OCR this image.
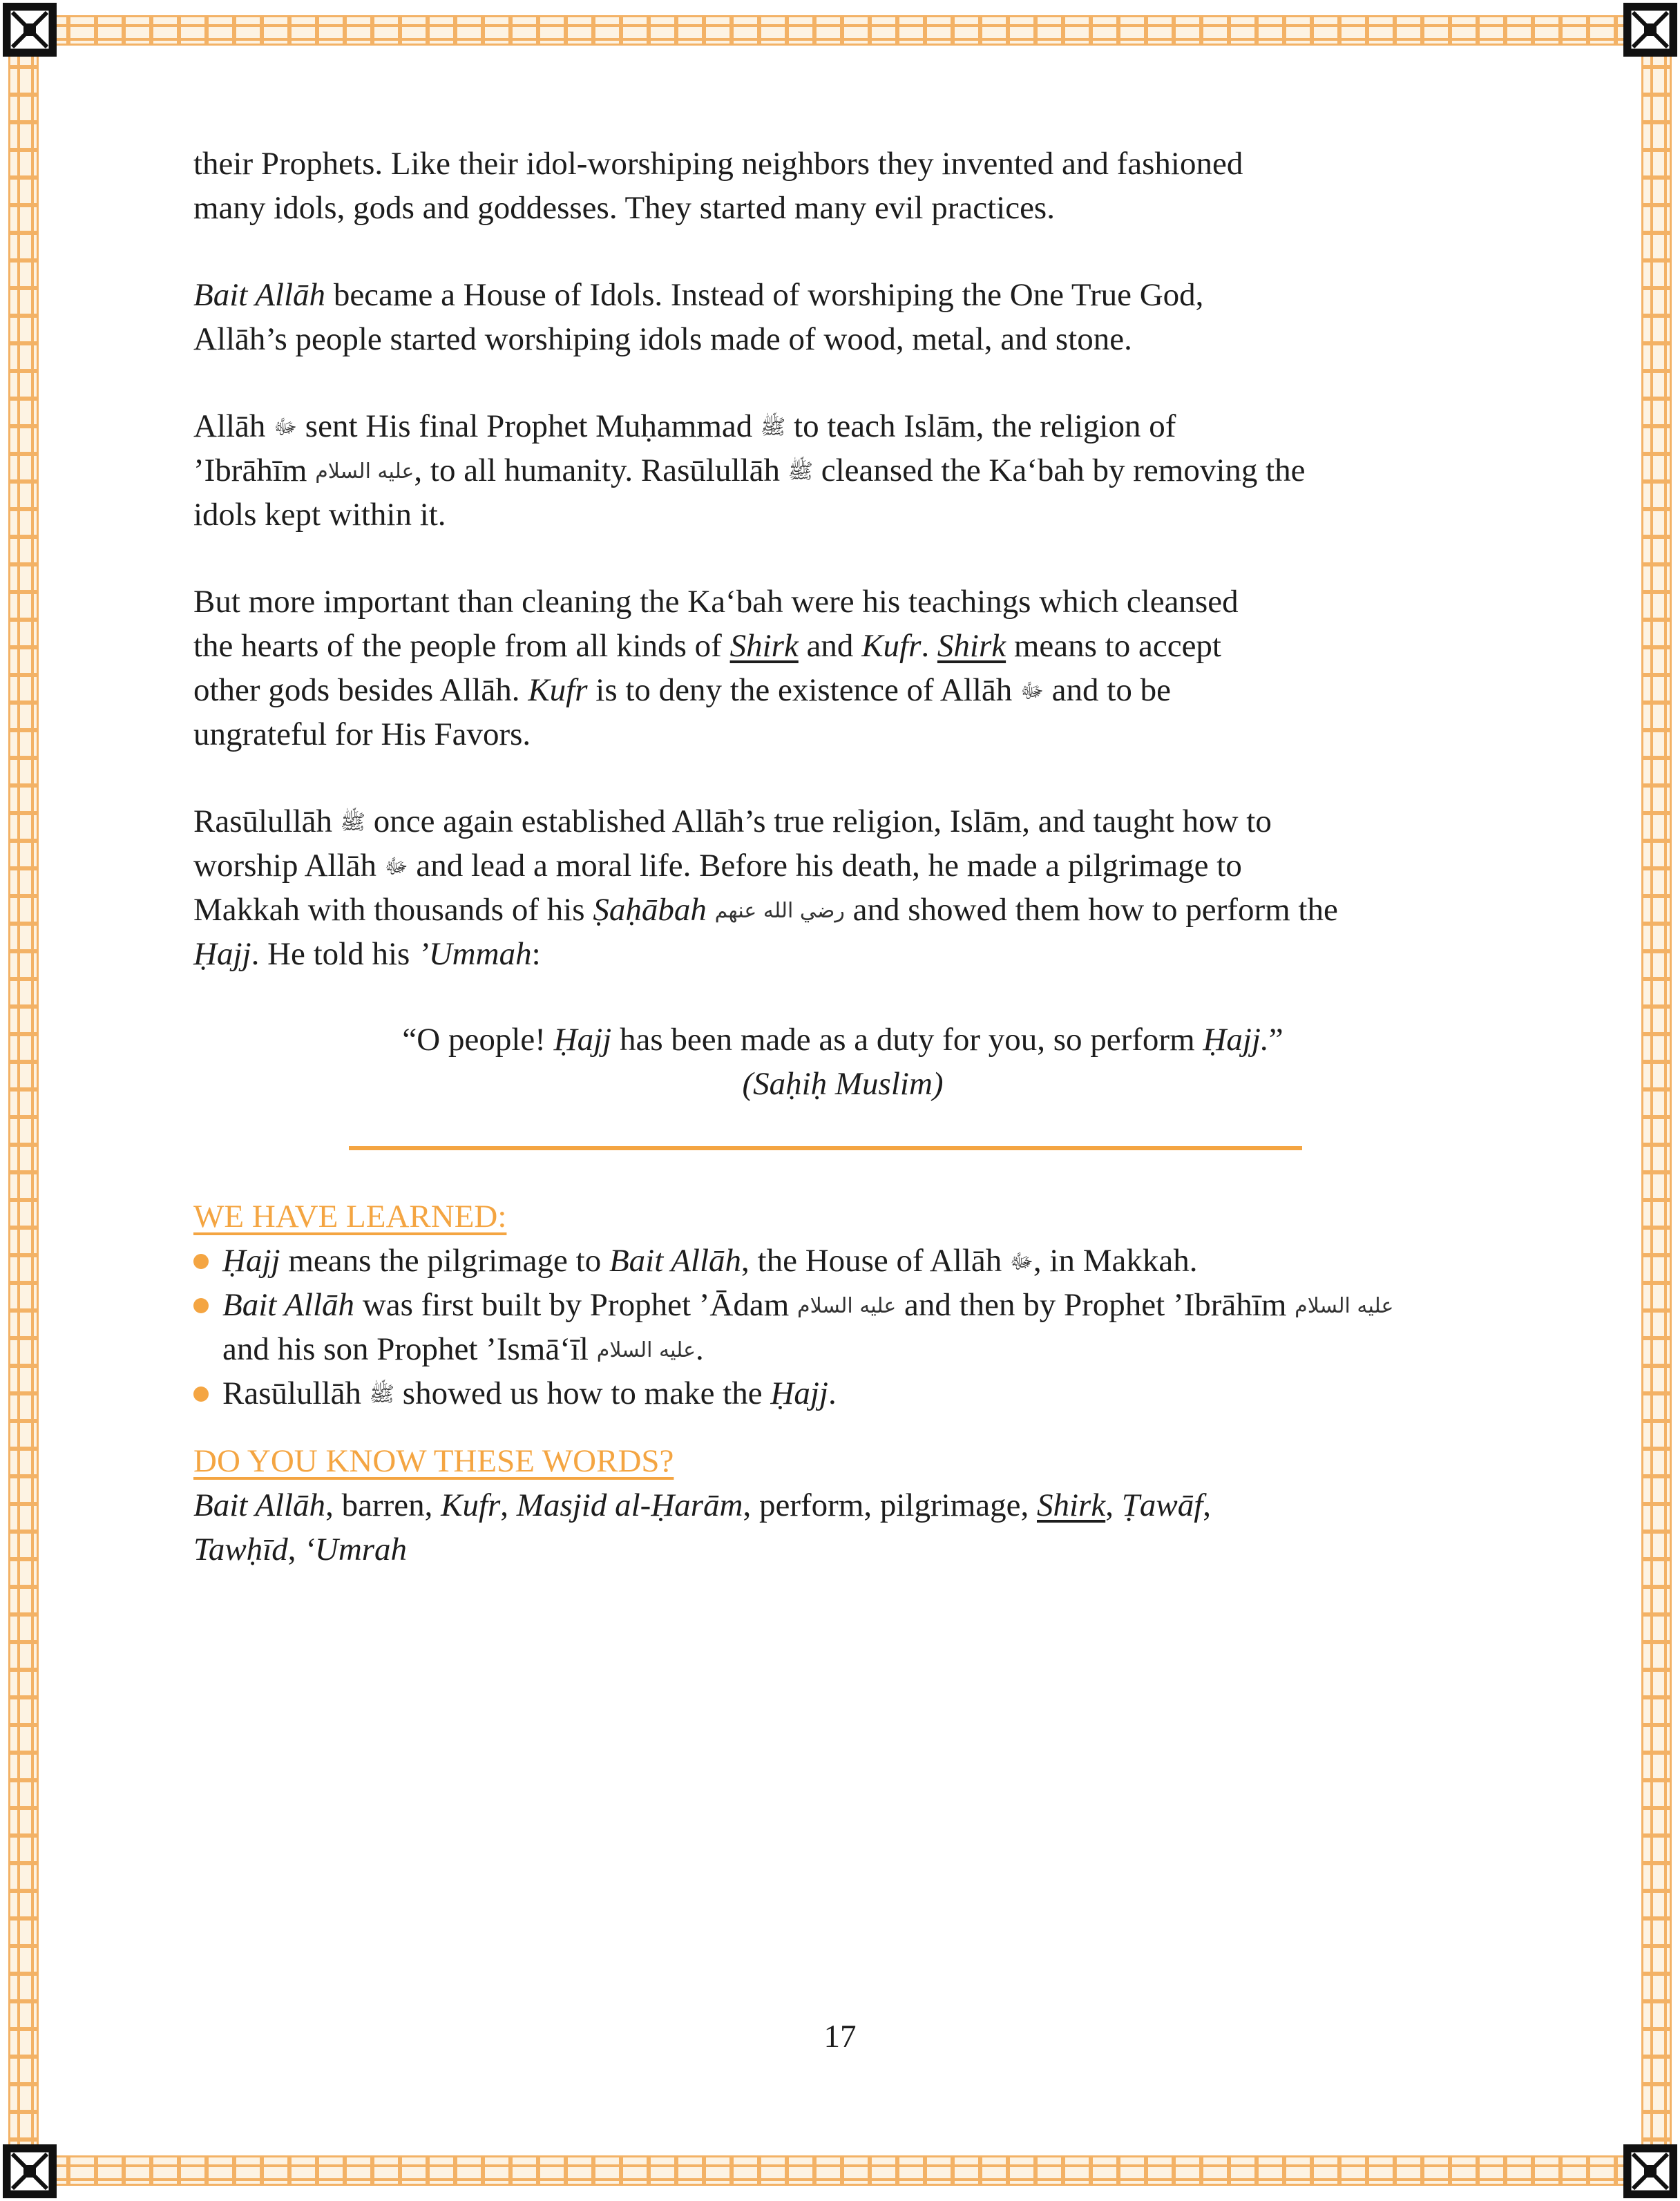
their Prophets. Like their idol-worshiping neighbors they invented and fashioned
many idols, gods and goddesses. They started many evil practices.

Bait Allāh became a House of Idols. Instead of worshiping the One True God,
Allāh’s people started worshiping idols made of wood, metal, and stone.

Allāh ﷻ sent His final Prophet Muḥammad ﷺ to teach Islām, the religion of
’Ibrāhīm عليه السلام, to all humanity. Rasūlullāh ﷺ cleansed the Ka‘bah by removing the
idols kept within it.

But more important than cleaning the Ka‘bah were his teachings which cleansed
the hearts of the people from all kinds of Shirk and Kufr. Shirk means to accept
other gods besides Allāh. Kufr is to deny the existence of Allāh ﷻ and to be
ungrateful for His Favors.

Rasūlullāh ﷺ once again established Allāh’s true religion, Islām, and taught how to
worship Allāh ﷻ and lead a moral life. Before his death, he made a pilgrimage to
Makkah with thousands of his Ṣaḥābah رضي الله عنهم and showed them how to perform the
Ḥajj. He told his ’Ummah:

“O people! Ḥajj has been made as a duty for you, so perform Ḥajj.”
(Saḥiḥ Muslim)
WE HAVE LEARNED:
Ḥajj means the pilgrimage to Bait Allāh, the House of Allāh ﷻ, in Makkah.
Bait Allāh was first built by Prophet ’Ādam عليه السلام and then by Prophet ’Ibrāhīm عليه السلام
and his son Prophet ’Ismā‘īl عليه السلام.
Rasūlullāh ﷺ showed us how to make the Ḥajj.
DO YOU KNOW THESE WORDS?

Bait Allāh, barren, Kufr, Masjid al-Ḥarām, perform, pilgrimage, Shirk, Ṭawāf,
Tawḥīd, ‘Umrah

17
